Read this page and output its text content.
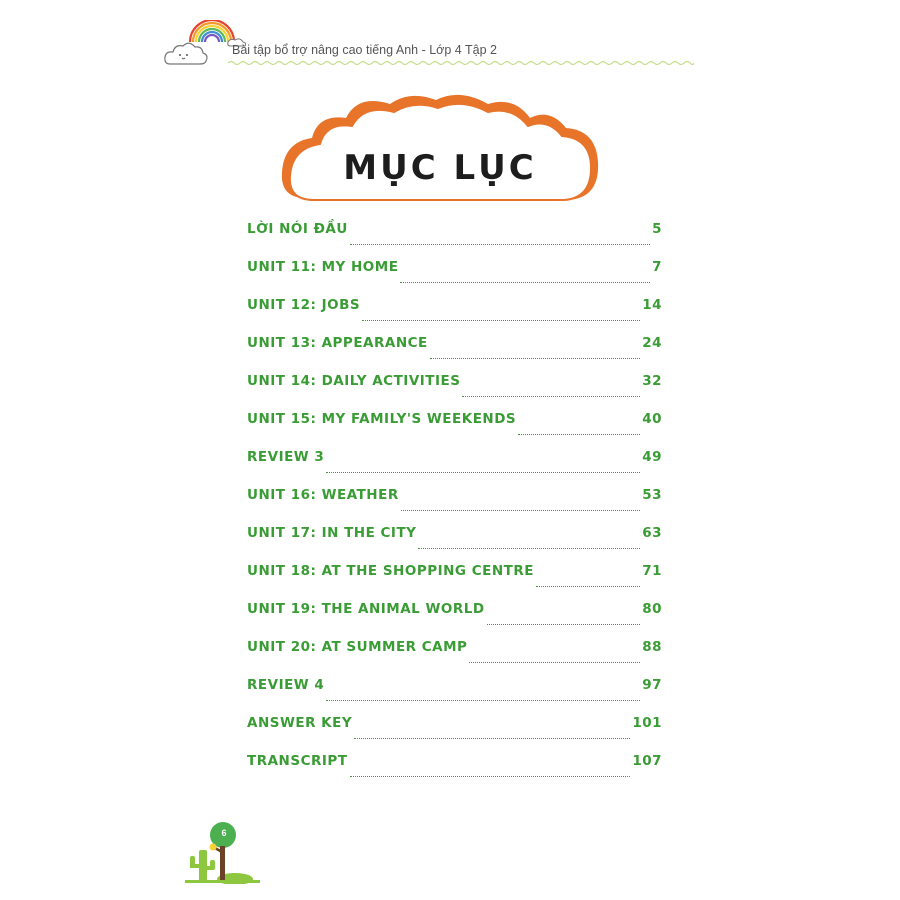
Bài tập bổ trợ nâng cao tiếng Anh - Lớp 4 Tập 2
MỤC LỤC
LỜI NÓI ĐẦU	5
UNIT 11: MY HOME	7
UNIT 12: JOBS	14
UNIT 13: APPEARANCE	24
UNIT 14: DAILY ACTIVITIES	32
UNIT 15: MY FAMILY'S WEEKENDS	40
REVIEW 3	49
UNIT 16: WEATHER	53
UNIT 17: IN THE CITY	63
UNIT 18: AT THE SHOPPING CENTRE	71
UNIT 19: THE ANIMAL WORLD	80
UNIT 20: AT SUMMER CAMP	88
REVIEW 4	97
ANSWER KEY	101
TRANSCRIPT	107
6
